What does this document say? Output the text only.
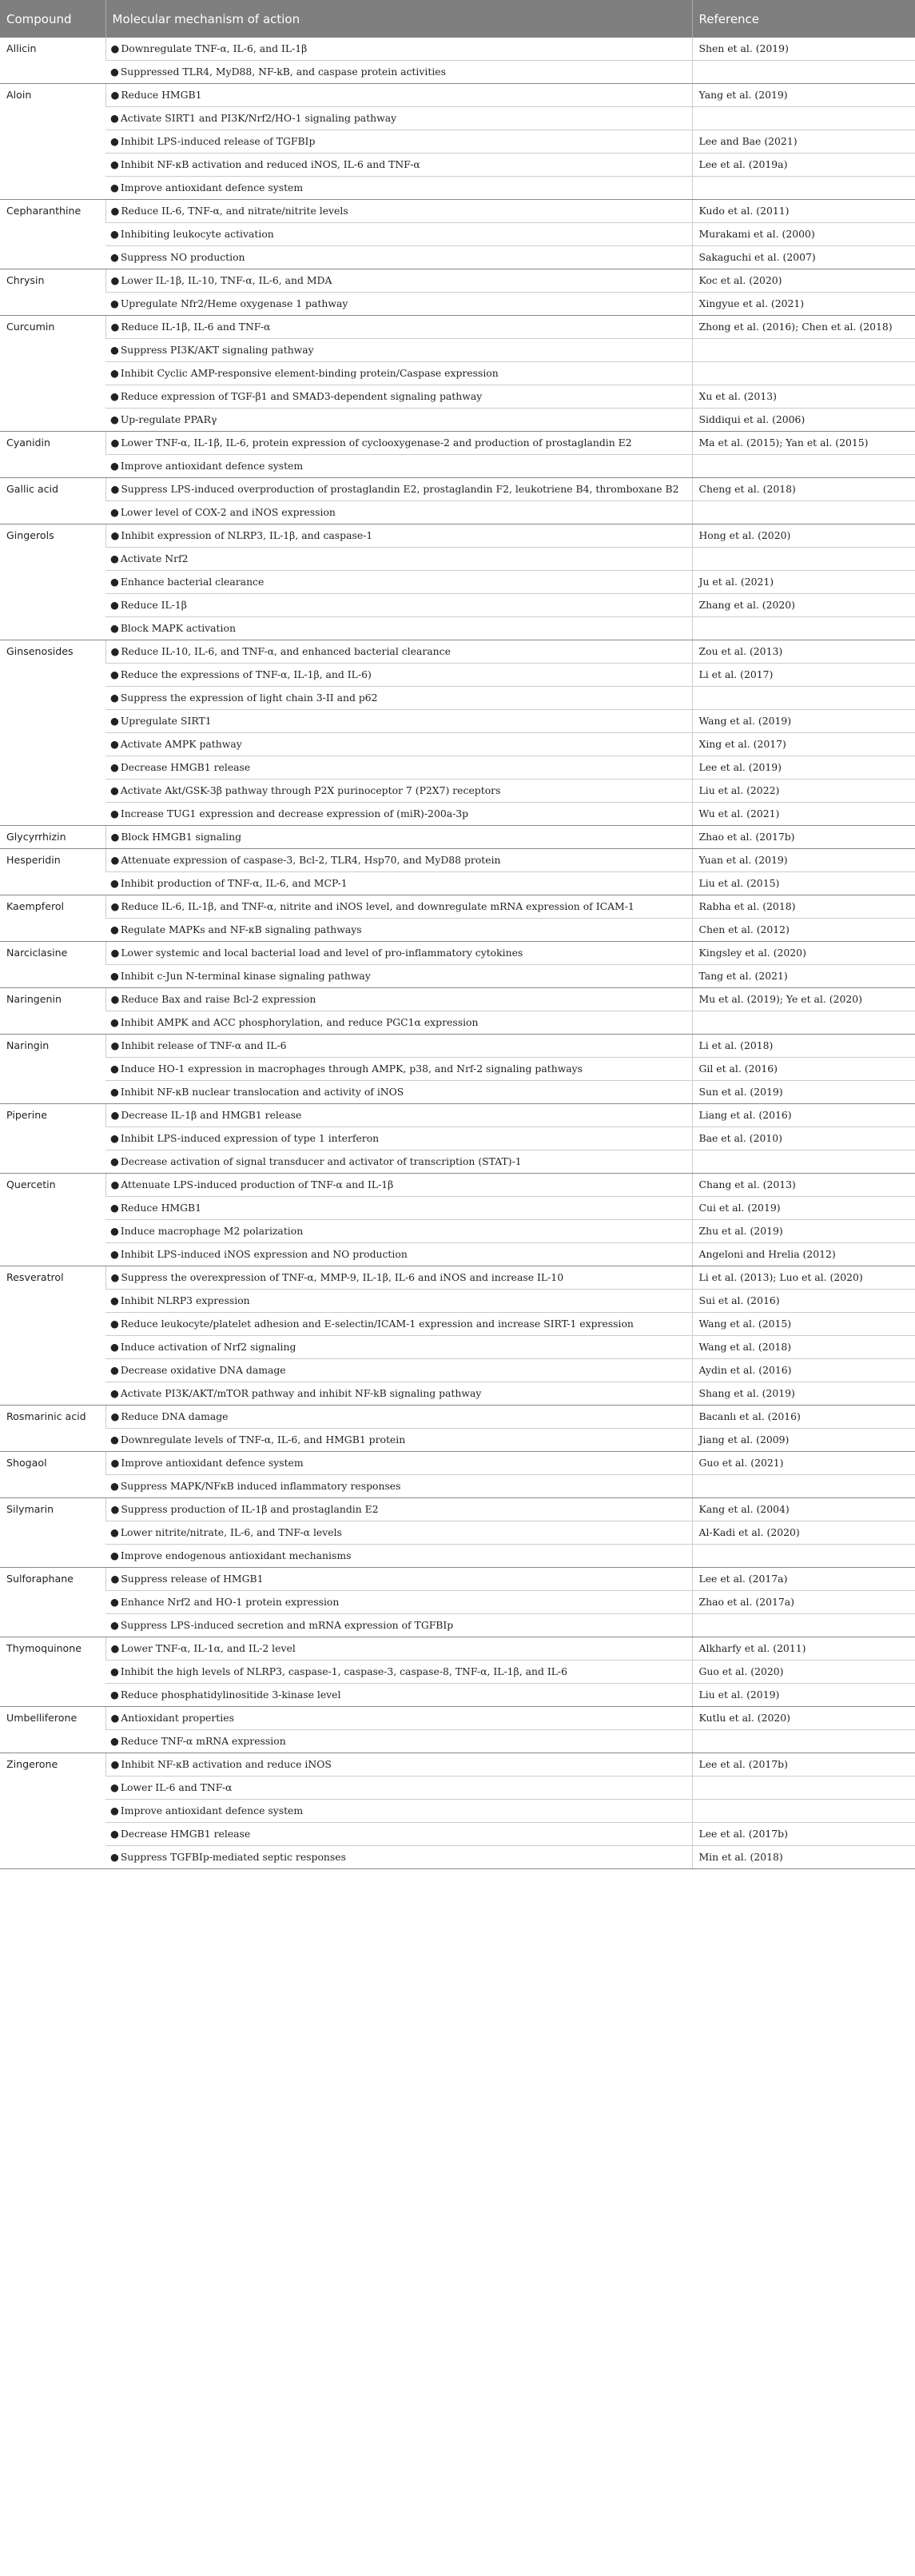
Compound	Molecular mechanism of action	Reference
Allicin	● Downregulate TNF-α, IL-6, and IL-1β	Shen et al. (2019)
	● Suppressed TLR4, MyD88, NF-kB, and caspase protein activities	
Aloin	● Reduce HMGB1	Yang et al. (2019)
	● Activate SIRT1 and PI3K/Nrf2/HO-1 signaling pathway	
	● Inhibit LPS-induced release of TGFBIp	Lee and Bae (2021)
	● Inhibit NF-κB activation and reduced iNOS, IL-6 and TNF-α	Lee et al. (2019a)
	● Improve antioxidant defence system	
Cepharanthine	● Reduce IL-6, TNF-α, and nitrate/nitrite levels	Kudo et al. (2011)
	● Inhibiting leukocyte activation	Murakami et al. (2000)
	● Suppress NO production	Sakaguchi et al. (2007)
Chrysin	● Lower IL-1β, IL-10, TNF-α, IL-6, and MDA	Koc et al. (2020)
	● Upregulate Nfr2/Heme oxygenase 1 pathway	Xingyue et al. (2021)
Curcumin	● Reduce IL-1β, IL-6 and TNF-α	Zhong et al. (2016); Chen et al. (2018)
	● Suppress PI3K/AKT signaling pathway	
	● Inhibit Cyclic AMP-responsive element-binding protein/Caspase expression	
	● Reduce expression of TGF-β1 and SMAD3-dependent signaling pathway	Xu et al. (2013)
	● Up-regulate PPARγ	Siddiqui et al. (2006)
Cyanidin	● Lower TNF-α, IL-1β, IL-6, protein expression of cyclooxygenase-2 and production of prostaglandin E2	Ma et al. (2015); Yan et al. (2015)
	● Improve antioxidant defence system	
Gallic acid	● Suppress LPS-induced overproduction of prostaglandin E2, prostaglandin F2, leukotriene B4, thromboxane B2	Cheng et al. (2018)
	● Lower level of COX-2 and iNOS expression	
Gingerols	● Inhibit expression of NLRP3, IL-1β, and caspase-1	Hong et al. (2020)
	● Activate Nrf2	
	● Enhance bacterial clearance	Ju et al. (2021)
	● Reduce IL-1β	Zhang et al. (2020)
	● Block MAPK activation	
Ginsenosides	● Reduce IL-10, IL-6, and TNF-α, and enhanced bacterial clearance	Zou et al. (2013)
	● Reduce the expressions of TNF-α, IL-1β, and IL-6)	Li et al. (2017)
	● Suppress the expression of light chain 3-II and p62	
	● Upregulate SIRT1	Wang et al. (2019)
	● Activate AMPK pathway	Xing et al. (2017)
	● Decrease HMGB1 release	Lee et al. (2019)
	● Activate Akt/GSK-3β pathway through P2X purinoceptor 7 (P2X7) receptors	Liu et al. (2022)
	● Increase TUG1 expression and decrease expression of (miR)-200a-3p	Wu et al. (2021)
Glycyrrhizin	● Block HMGB1 signaling	Zhao et al. (2017b)
Hesperidin	● Attenuate expression of caspase-3, Bcl-2, TLR4, Hsp70, and MyD88 protein	Yuan et al. (2019)
	● Inhibit production of TNF-α, IL-6, and MCP-1	Liu et al. (2015)
Kaempferol	● Reduce IL-6, IL-1β, and TNF-α, nitrite and iNOS level, and downregulate mRNA expression of ICAM-1	Rabha et al. (2018)
	● Regulate MAPKs and NF-κB signaling pathways	Chen et al. (2012)
Narciclasine	● Lower systemic and local bacterial load and level of pro-inflammatory cytokines	Kingsley et al. (2020)
	● Inhibit c-Jun N-terminal kinase signaling pathway	Tang et al. (2021)
Naringenin	● Reduce Bax and raise Bcl-2 expression	Mu et al. (2019); Ye et al. (2020)
	● Inhibit AMPK and ACC phosphorylation, and reduce PGC1α expression	
Naringin	● Inhibit release of TNF-α and IL-6	Li et al. (2018)
	● Induce HO-1 expression in macrophages through AMPK, p38, and Nrf-2 signaling pathways	Gil et al. (2016)
	● Inhibit NF-κB nuclear translocation and activity of iNOS	Sun et al. (2019)
Piperine	● Decrease IL-1β and HMGB1 release	Liang et al. (2016)
	● Inhibit LPS-induced expression of type 1 interferon	Bae et al. (2010)
	● Decrease activation of signal transducer and activator of transcription (STAT)-1	
Quercetin	● Attenuate LPS-induced production of TNF-α and IL-1β	Chang et al. (2013)
	● Reduce HMGB1	Cui et al. (2019)
	● Induce macrophage M2 polarization	Zhu et al. (2019)
	● Inhibit LPS-induced iNOS expression and NO production	Angeloni and Hrelia (2012)
Resveratrol	● Suppress the overexpression of TNF-α, MMP-9, IL-1β, IL-6 and iNOS and increase IL-10	Li et al. (2013); Luo et al. (2020)
	● Inhibit NLRP3 expression	Sui et al. (2016)
	● Reduce leukocyte/platelet adhesion and E-selectin/ICAM-1 expression and increase SIRT-1 expression	Wang et al. (2015)
	● Induce activation of Nrf2 signaling	Wang et al. (2018)
	● Decrease oxidative DNA damage	Aydin et al. (2016)
	● Activate PI3K/AKT/mTOR pathway and inhibit NF-kB signaling pathway	Shang et al. (2019)
Rosmarinic acid	● Reduce DNA damage	Bacanlı et al. (2016)
	● Downregulate levels of TNF-α, IL-6, and HMGB1 protein	Jiang et al. (2009)
Shogaol	● Improve antioxidant defence system	Guo et al. (2021)
	● Suppress MAPK/NFκB induced inflammatory responses	
Silymarin	● Suppress production of IL-1β and prostaglandin E2	Kang et al. (2004)
	● Lower nitrite/nitrate, IL-6, and TNF-α levels	Al-Kadi et al. (2020)
	● Improve endogenous antioxidant mechanisms	
Sulforaphane	● Suppress release of HMGB1	Lee et al. (2017a)
	● Enhance Nrf2 and HO-1 protein expression	Zhao et al. (2017a)
	● Suppress LPS-induced secretion and mRNA expression of TGFBIp	
Thymoquinone	● Lower TNF-α, IL-1α, and IL-2 level	Alkharfy et al. (2011)
	● Inhibit the high levels of NLRP3, caspase-1, caspase-3, caspase-8, TNF-α, IL-1β, and IL-6	Guo et al. (2020)
	● Reduce phosphatidylinositide 3-kinase level	Liu et al. (2019)
Umbelliferone	● Antioxidant properties	Kutlu et al. (2020)
	● Reduce TNF-α mRNA expression	
Zingerone	● Inhibit NF-κB activation and reduce iNOS	Lee et al. (2017b)
	● Lower IL-6 and TNF-α	
	● Improve antioxidant defence system	
	● Decrease HMGB1 release	Lee et al. (2017b)
	● Suppress TGFBIp-mediated septic responses	Min et al. (2018)
